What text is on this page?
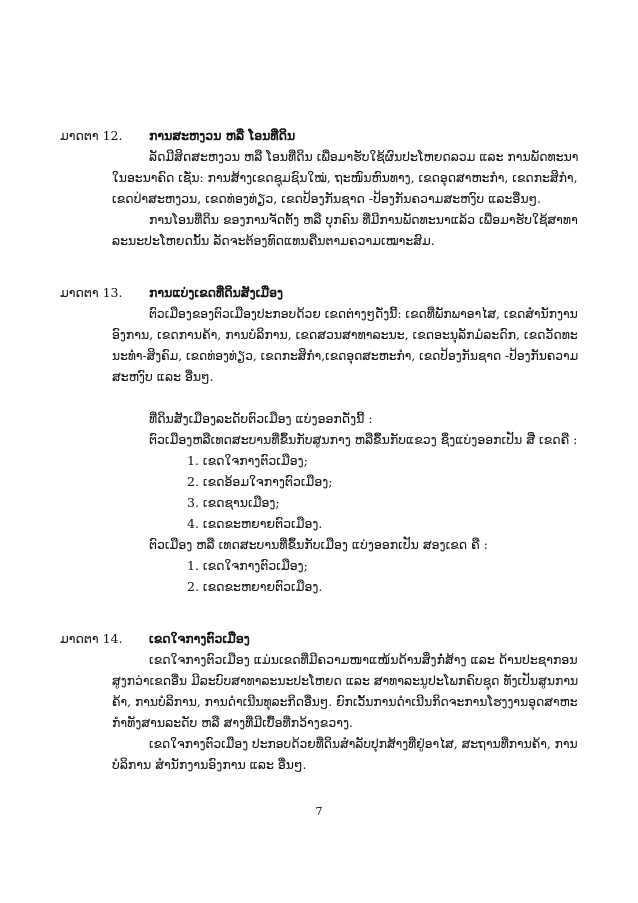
ມາດຕາ 12. ການສະຫງວນ ຫລື ໂອນທີ່ດິນ
ລັດມີສິດສະຫງວນ ຫລື ໂອນທີ່ດິນ ເພື່ອມາຮັບໃຊ້ຜົນປະໂຫຍດລວມ ແລະ ການພັດທະນາ
ໃນອະນາຄົດ ເຊັ່ນ: ການສ້າງເຂດຊຸມຊົນໃໝ່, ຖະໜົນຫົນທາງ, ເຂດອຸດສາຫະກໍາ, ເຂດກະສິກໍາ,
ເຂດປ່າສະຫງວນ, ເຂດທ່ອງທ່ຽວ, ເຂດປ້ອງກັນຊາດ -ປ້ອງກັນຄວາມສະຫງົບ ແລະອື່ນໆ.
ການໂອນທີ່ດິນ ຂອງການຈັດຕັ້ງ ຫລື ບຸກຄົນ ທີ່ມີການພັດທະນາແລ້ວ ເພື່ອມາຮັບໃຊ້ສາທາ
ລະນະປະໂຫຍດນັ້ນ ລັດຈະຕ້ອງທົດແທນຄືນຕາມຄວາມເໝາະສົມ.
ມາດຕາ 13. ການແບ່ງເຂດທີ່ດິນສັງເມືອງ
ຕົວເມືອງຂອງຕົວເມືອງປະກອບດ້ວຍ ເຂດຕ່າງໆດັ່ງນີ້: ເຂດທີ່ພັກພາອາໄສ, ເຂດສໍານັກງານ
ອົງການ, ເຂດການຄ້າ, ການບໍລິການ, ເຂດສວນສາທາລະນະ, ເຂດອະນຸລັກມໍລະດົກ, ເຂດວັດທະ
ນະທໍາ-ສິງຄົມ, ເຂດທ່ອງທ່ຽວ, ເຂດກະສິກໍາ,ເຂດອຸດສະຫະກໍາ, ເຂດປ້ອງກັນຊາດ -ປ້ອງກັນຄວາມ
ສະຫງົບ ແລະ ອື່ນໆ.
ທີ່ດິນສັງເມືອງລະດັບຕົວເມືອງ ແບ່ງອອກດັ່ງນີ້ :
ຕົວເມືອງຫລືເທດສະບານທີ່ຂຶ້ນກັບສູນກາງ ຫລືຂຶ້ນກັບແຂວງ ຊຶ່ງແບ່ງອອກເປັນ ສີ່ ເຂດຄື :
1. ເຂດໃຈກາງຕົວເມືອງ;
2. ເຂດອ້ອມໃຈກາງຕົວເມືອງ;
3. ເຂດຊານເມືອງ;
4. ເຂດຂະຫຍາຍຕົວເມືອງ.
ຕົວເມືອງ ຫລື ເທດສະບານທີ່ຂຶ້ນກັບເມືອງ ແບ່ງອອກເປັນ ສອງເຂດ ຄື :
1. ເຂດໃຈກາງຕົວເມືອງ;
2. ເຂດຂະຫຍາຍຕົວເມືອງ.
ມາດຕາ 14. ເຂດໃຈກາງຕົວເມືອງ
ເຂດໃຈກາງຕົວເມືອງ ແມ່ນເຂດທີ່ມີຄວາມໜາແໜ້ນດ້ານສິ່ງກໍ່ສ້າງ ແລະ ດ້ານປະຊາກອນ
ສູງກວ່າເຂດອື່ນ ມີລະບົບສາທາລະນະປະໂຫຍດ ແລະ ສາທາລະນູປະໂພກຄົບຊຸດ ທັງເປັນສູນການ
ຄ້າ, ການບໍລິການ, ການດໍາເນີນທຸລະກິດອື່ນໆ. ຍົກເວັ້ນການດໍາເນີນກິດຈະການໂຮງງານອຸດສາຫະ
ກໍາທັງສານລະດັບ ຫລື ສາງທີ່ມີເບື້ອທີ່ກວ້າງຂວາງ.
ເຂດໃຈກາງຕົວເມືອງ ປະກອບດ້ວຍທີ່ດິນສໍາລັບປຸກສ້າງທີ່ຢູ່ອາໄສ, ສະຖານທີ່ການຄ້າ, ການ
ບໍລິການ ສໍານັກງານອົງການ ແລະ ອື່ນໆ.
7
